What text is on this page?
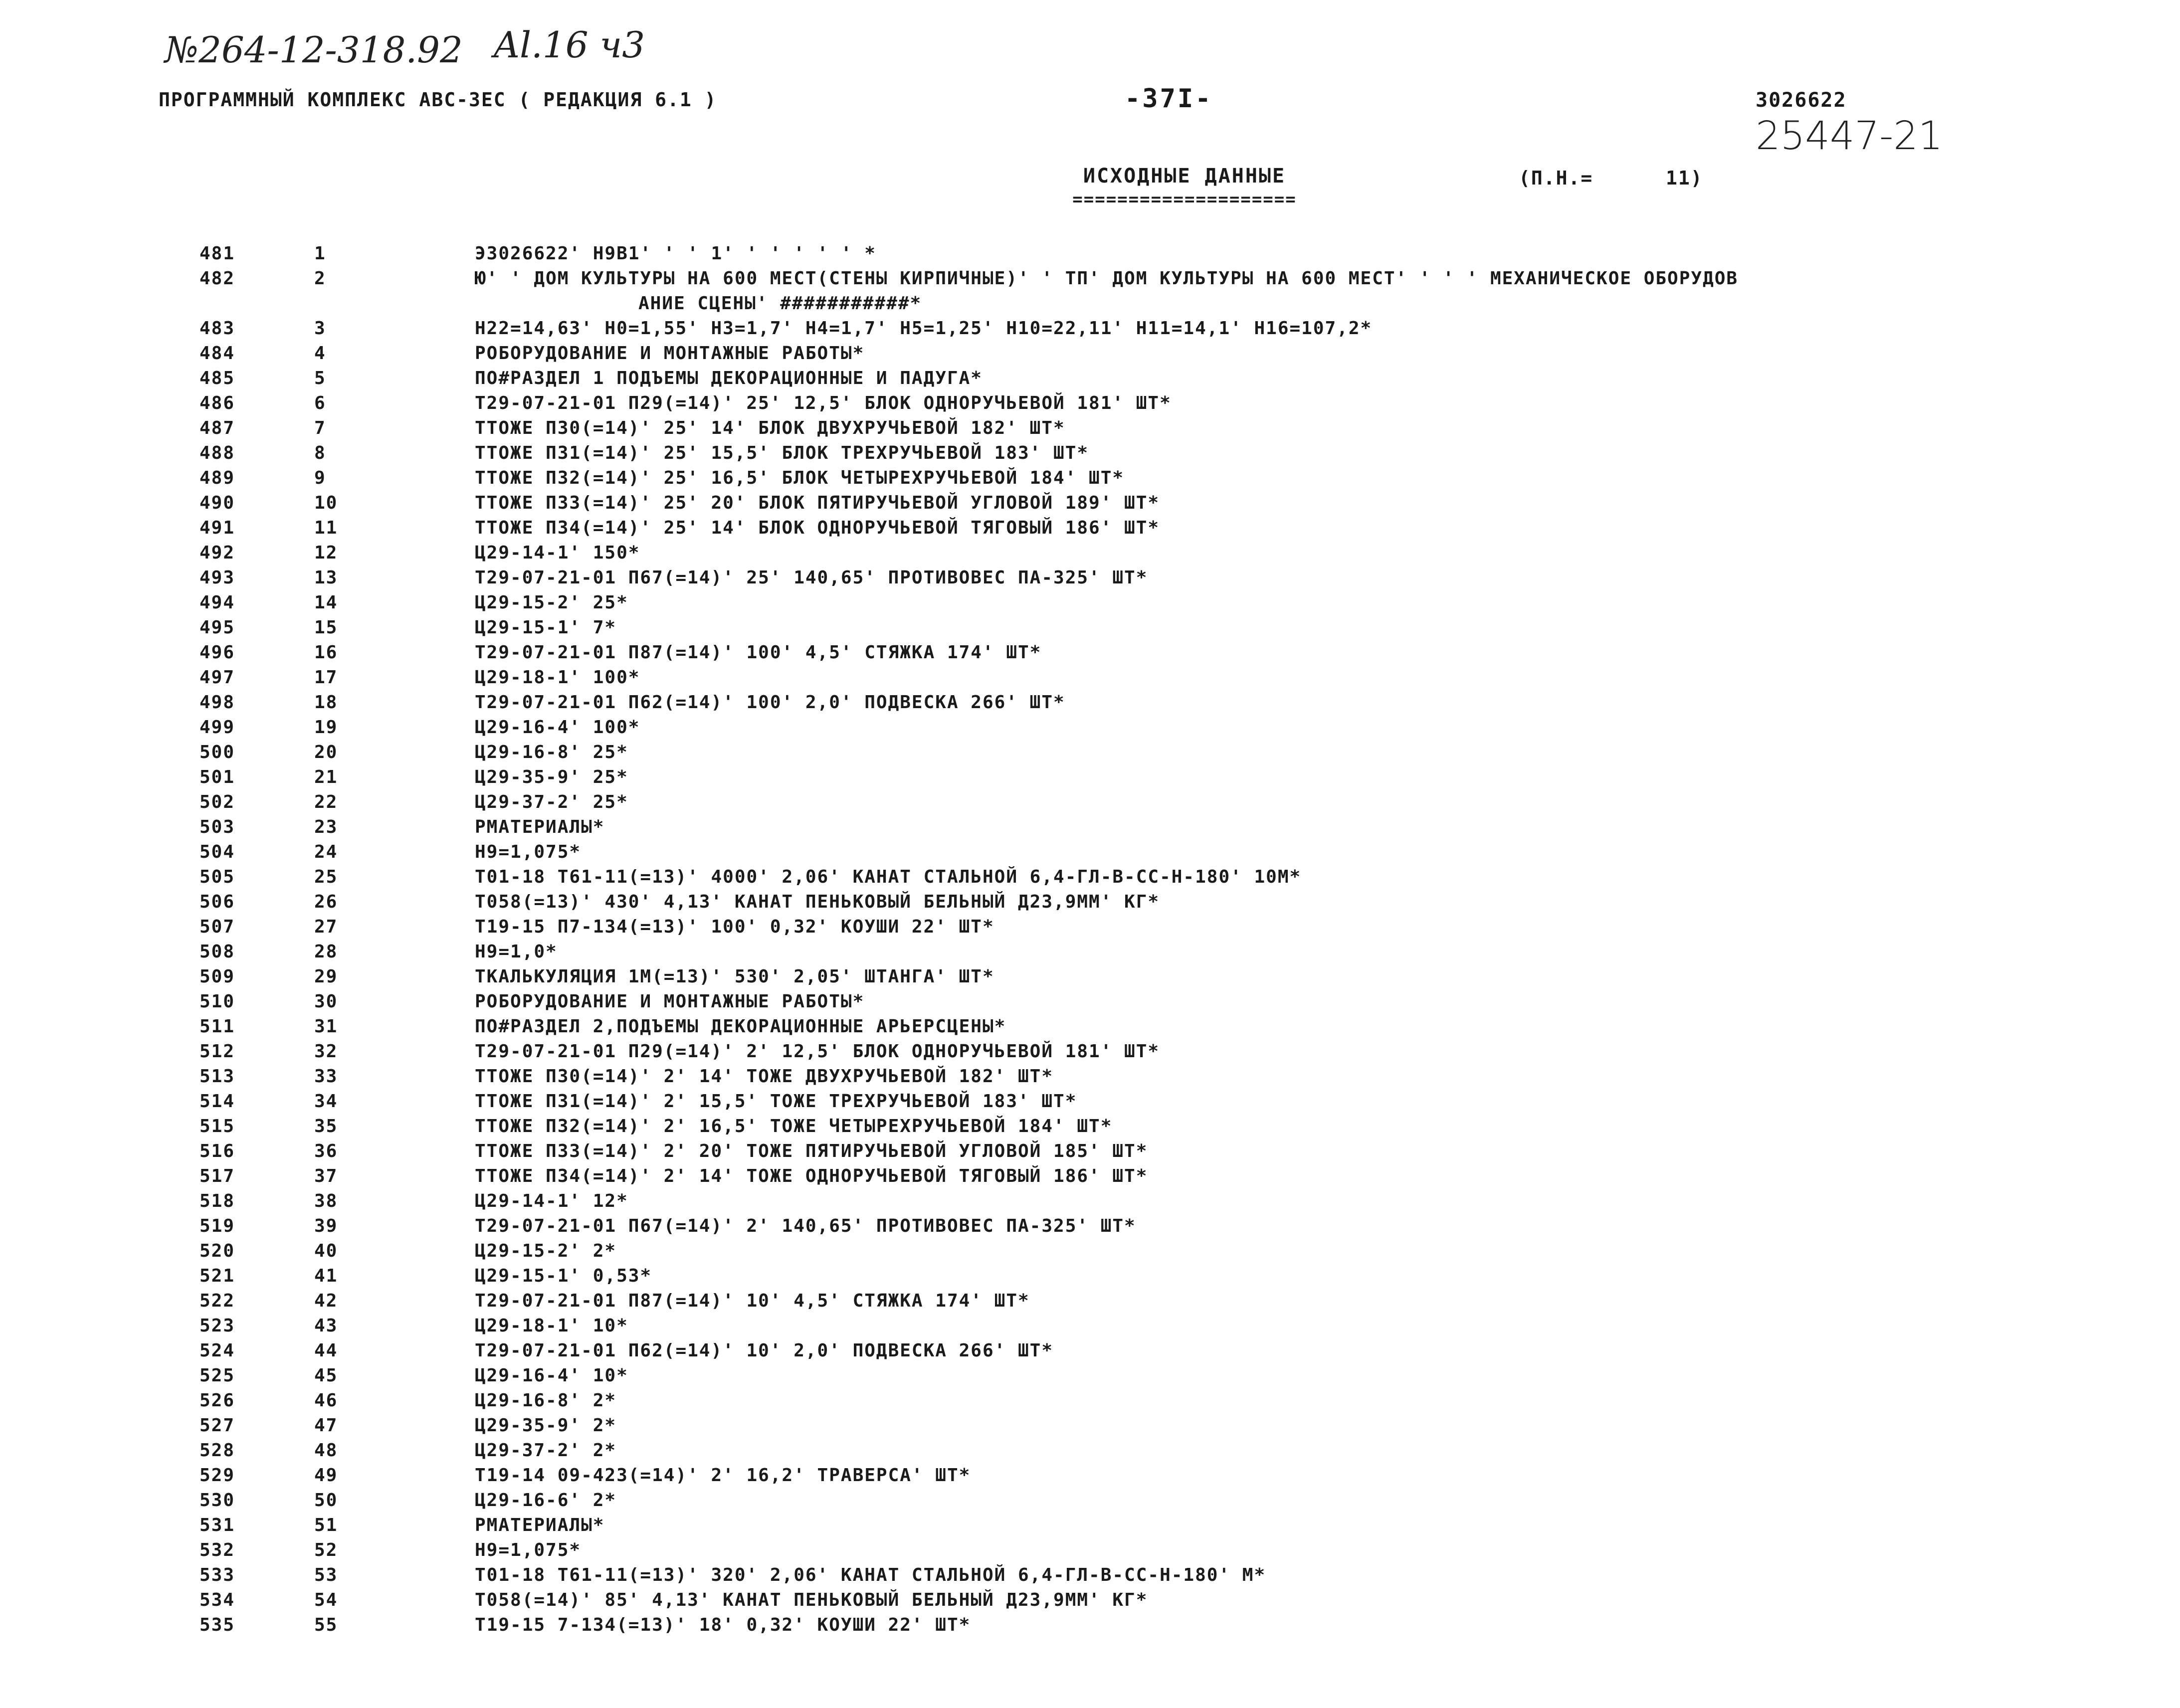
№264-12-318.92 Al.16 ч3
25447-21
ПРОГРАММНЫЙ КОМПЛЕКС АВС-3ЕС ( РЕДАКЦИЯ 6.1 )	-37I-	3026622
ИСХОДНЫЕ ДАННЫЕ
====================
(П.Н.=	11)
481	1	Э3026622' Н9В1' ' ' 1' ' ' ' ' ' *
482	2	Ю' ' ДОМ КУЛЬТУРЫ НА 600 МЕСТ(СТЕНЫ КИРПИЧНЫЕ)' ' ТП' ДОМ КУЛЬТУРЫ НА 600 МЕСТ' ' ' ' МЕХАНИЧЕСКОЕ ОБОРУДОВ
АНИЕ СЦЕНЫ' ###########*
483	3	Н22=14,63' Н0=1,55' Н3=1,7' Н4=1,7' Н5=1,25' Н10=22,11' Н11=14,1' Н16=107,2*
484	4	РОБОРУДОВАНИЕ И МОНТАЖНЫЕ РАБОТЫ*
485	5	ПО#РАЗДЕЛ 1 ПОДЪЕМЫ ДЕКОРАЦИОННЫЕ И ПАДУГА*
486	6	Т29-07-21-01 П29(=14)' 25' 12,5' БЛОК ОДНОРУЧЬЕВОЙ 181' ШТ*
487	7	ТТОЖЕ П30(=14)' 25' 14' БЛОК ДВУХРУЧЬЕВОЙ 182' ШТ*
488	8	ТТОЖЕ П31(=14)' 25' 15,5' БЛОК ТРЕХРУЧЬЕВОЙ 183' ШТ*
489	9	ТТОЖЕ П32(=14)' 25' 16,5' БЛОК ЧЕТЫРЕХРУЧЬЕВОЙ 184' ШТ*
490	10	ТТОЖЕ П33(=14)' 25' 20' БЛОК ПЯТИРУЧЬЕВОЙ УГЛОВОЙ 189' ШТ*
491	11	ТТОЖЕ П34(=14)' 25' 14' БЛОК ОДНОРУЧЬЕВОЙ ТЯГОВЫЙ 186' ШТ*
492	12	Ц29-14-1' 150*
493	13	Т29-07-21-01 П67(=14)' 25' 140,65' ПРОТИВОВЕС ПА-325' ШТ*
494	14	Ц29-15-2' 25*
495	15	Ц29-15-1' 7*
496	16	Т29-07-21-01 П87(=14)' 100' 4,5' СТЯЖКА 174' ШТ*
497	17	Ц29-18-1' 100*
498	18	Т29-07-21-01 П62(=14)' 100' 2,0' ПОДВЕСКА 266' ШТ*
499	19	Ц29-16-4' 100*
500	20	Ц29-16-8' 25*
501	21	Ц29-35-9' 25*
502	22	Ц29-37-2' 25*
503	23	РМАТЕРИАЛЫ*
504	24	Н9=1,075*
505	25	Т01-18 Т61-11(=13)' 4000' 2,06' КАНАТ СТАЛЬНОЙ 6,4-ГЛ-В-СС-Н-180' 10М*
506	26	Т058(=13)' 430' 4,13' КАНАТ ПЕНЬКОВЫЙ БЕЛЬНЫЙ Д23,9ММ' КГ*
507	27	Т19-15 П7-134(=13)' 100' 0,32' КОУШИ 22' ШТ*
508	28	Н9=1,0*
509	29	ТКАЛЬКУЛЯЦИЯ 1М(=13)' 530' 2,05' ШТАНГА' ШТ*
510	30	РОБОРУДОВАНИЕ И МОНТАЖНЫЕ РАБОТЫ*
511	31	ПО#РАЗДЕЛ 2,ПОДЪЕМЫ ДЕКОРАЦИОННЫЕ АРЬЕРСЦЕНЫ*
512	32	Т29-07-21-01 П29(=14)' 2' 12,5' БЛОК ОДНОРУЧЬЕВОЙ 181' ШТ*
513	33	ТТОЖЕ П30(=14)' 2' 14' ТОЖЕ ДВУХРУЧЬЕВОЙ 182' ШТ*
514	34	ТТОЖЕ П31(=14)' 2' 15,5' ТОЖЕ ТРЕХРУЧЬЕВОЙ 183' ШТ*
515	35	ТТОЖЕ П32(=14)' 2' 16,5' ТОЖЕ ЧЕТЫРЕХРУЧЬЕВОЙ 184' ШТ*
516	36	ТТОЖЕ П33(=14)' 2' 20' ТОЖЕ ПЯТИРУЧЬЕВОЙ УГЛОВОЙ 185' ШТ*
517	37	ТТОЖЕ П34(=14)' 2' 14' ТОЖЕ ОДНОРУЧЬЕВОЙ ТЯГОВЫЙ 186' ШТ*
518	38	Ц29-14-1' 12*
519	39	Т29-07-21-01 П67(=14)' 2' 140,65' ПРОТИВОВЕС ПА-325' ШТ*
520	40	Ц29-15-2' 2*
521	41	Ц29-15-1' 0,53*
522	42	Т29-07-21-01 П87(=14)' 10' 4,5' СТЯЖКА 174' ШТ*
523	43	Ц29-18-1' 10*
524	44	Т29-07-21-01 П62(=14)' 10' 2,0' ПОДВЕСКА 266' ШТ*
525	45	Ц29-16-4' 10*
526	46	Ц29-16-8' 2*
527	47	Ц29-35-9' 2*
528	48	Ц29-37-2' 2*
529	49	Т19-14 09-423(=14)' 2' 16,2' ТРАВЕРСА' ШТ*
530	50	Ц29-16-6' 2*
531	51	РМАТЕРИАЛЫ*
532	52	Н9=1,075*
533	53	Т01-18 Т61-11(=13)' 320' 2,06' КАНАТ СТАЛЬНОЙ 6,4-ГЛ-В-СС-Н-180' М*
534	54	Т058(=14)' 85' 4,13' КАНАТ ПЕНЬКОВЫЙ БЕЛЬНЫЙ Д23,9ММ' КГ*
535	55	Т19-15 7-134(=13)' 18' 0,32' КОУШИ 22' ШТ*
